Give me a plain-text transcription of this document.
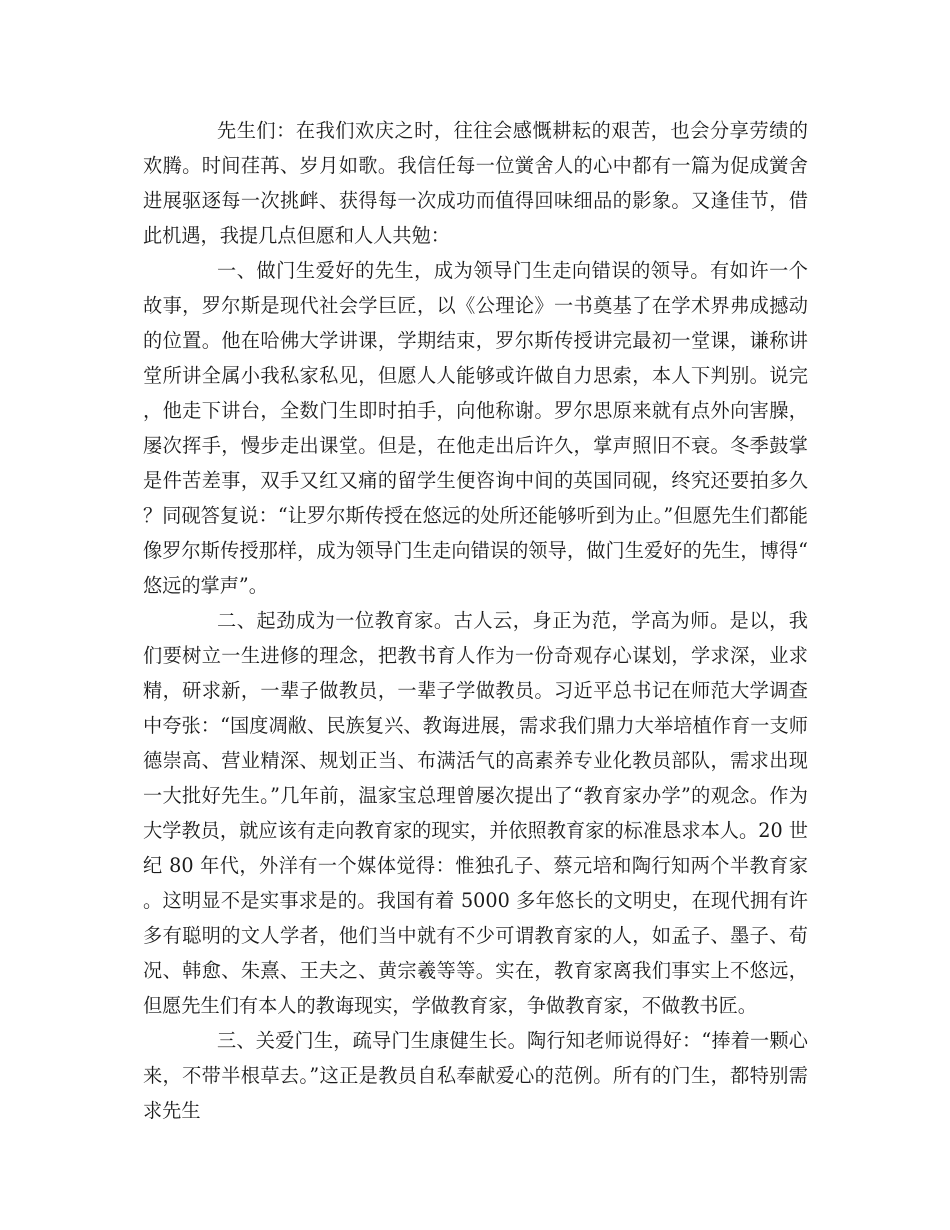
先生们：在我们欢庆之时，往往会感慨耕耘的艰苦，也会分享劳绩的欢腾。时间荏苒、岁月如歌。我信任每一位黉舍人的心中都有一篇为促成黉舍进展驱逐每一次挑衅、获得每一次成功而值得回味细品的影象。又逢佳节，借此机遇，我提几点但愿和人人共勉：

一、做门生爱好的先生，成为领导门生走向错误的领导。有如许一个故事，罗尔斯是现代社会学巨匠，以《公理论》一书奠基了在学术界弗成撼动的位置。他在哈佛大学讲课，学期结束，罗尔斯传授讲完最初一堂课，谦称讲堂所讲全属小我私家私见，但愿人人能够或许做自力思索，本人下判别。说完，他走下讲台，全数门生即时拍手，向他称谢。罗尔思原来就有点外向害臊，屡次挥手，慢步走出课堂。但是，在他走出后许久，掌声照旧不衰。冬季鼓掌是件苦差事，双手又红又痛的留学生便咨询中间的英国同砚，终究还要拍多久？同砚答复说：“让罗尔斯传授在悠远的处所还能够听到为止。”但愿先生们都能像罗尔斯传授那样，成为领导门生走向错误的领导，做门生爱好的先生，博得“悠远的掌声”。

二、起劲成为一位教育家。古人云，身正为范，学高为师。是以，我们要树立一生进修的理念，把教书育人作为一份奇观存心谋划，学求深，业求精，研求新，一辈子做教员，一辈子学做教员。习近平总书记在师范大学调查中夸张：“国度凋敝、民族复兴、教诲进展，需求我们鼎力大举培植作育一支师德崇高、营业精深、规划正当、布满活气的高素养专业化教员部队，需求出现一大批好先生。”几年前，温家宝总理曾屡次提出了“教育家办学”的观念。作为大学教员，就应该有走向教育家的现实，并依照教育家的标准恳求本人。20 世纪 80 年代，外洋有一个媒体觉得：惟独孔子、蔡元培和陶行知两个半教育家。这明显不是实事求是的。我国有着 5000 多年悠长的文明史，在现代拥有许多有聪明的文人学者，他们当中就有不少可谓教育家的人，如孟子、墨子、荀况、韩愈、朱熹、王夫之、黄宗羲等等。实在，教育家离我们事实上不悠远，但愿先生们有本人的教诲现实，学做教育家，争做教育家，不做教书匠。

三、关爱门生，疏导门生康健生长。陶行知老师说得好：“捧着一颗心来，不带半根草去。”这正是教员自私奉献爱心的范例。所有的门生，都特别需求先生
